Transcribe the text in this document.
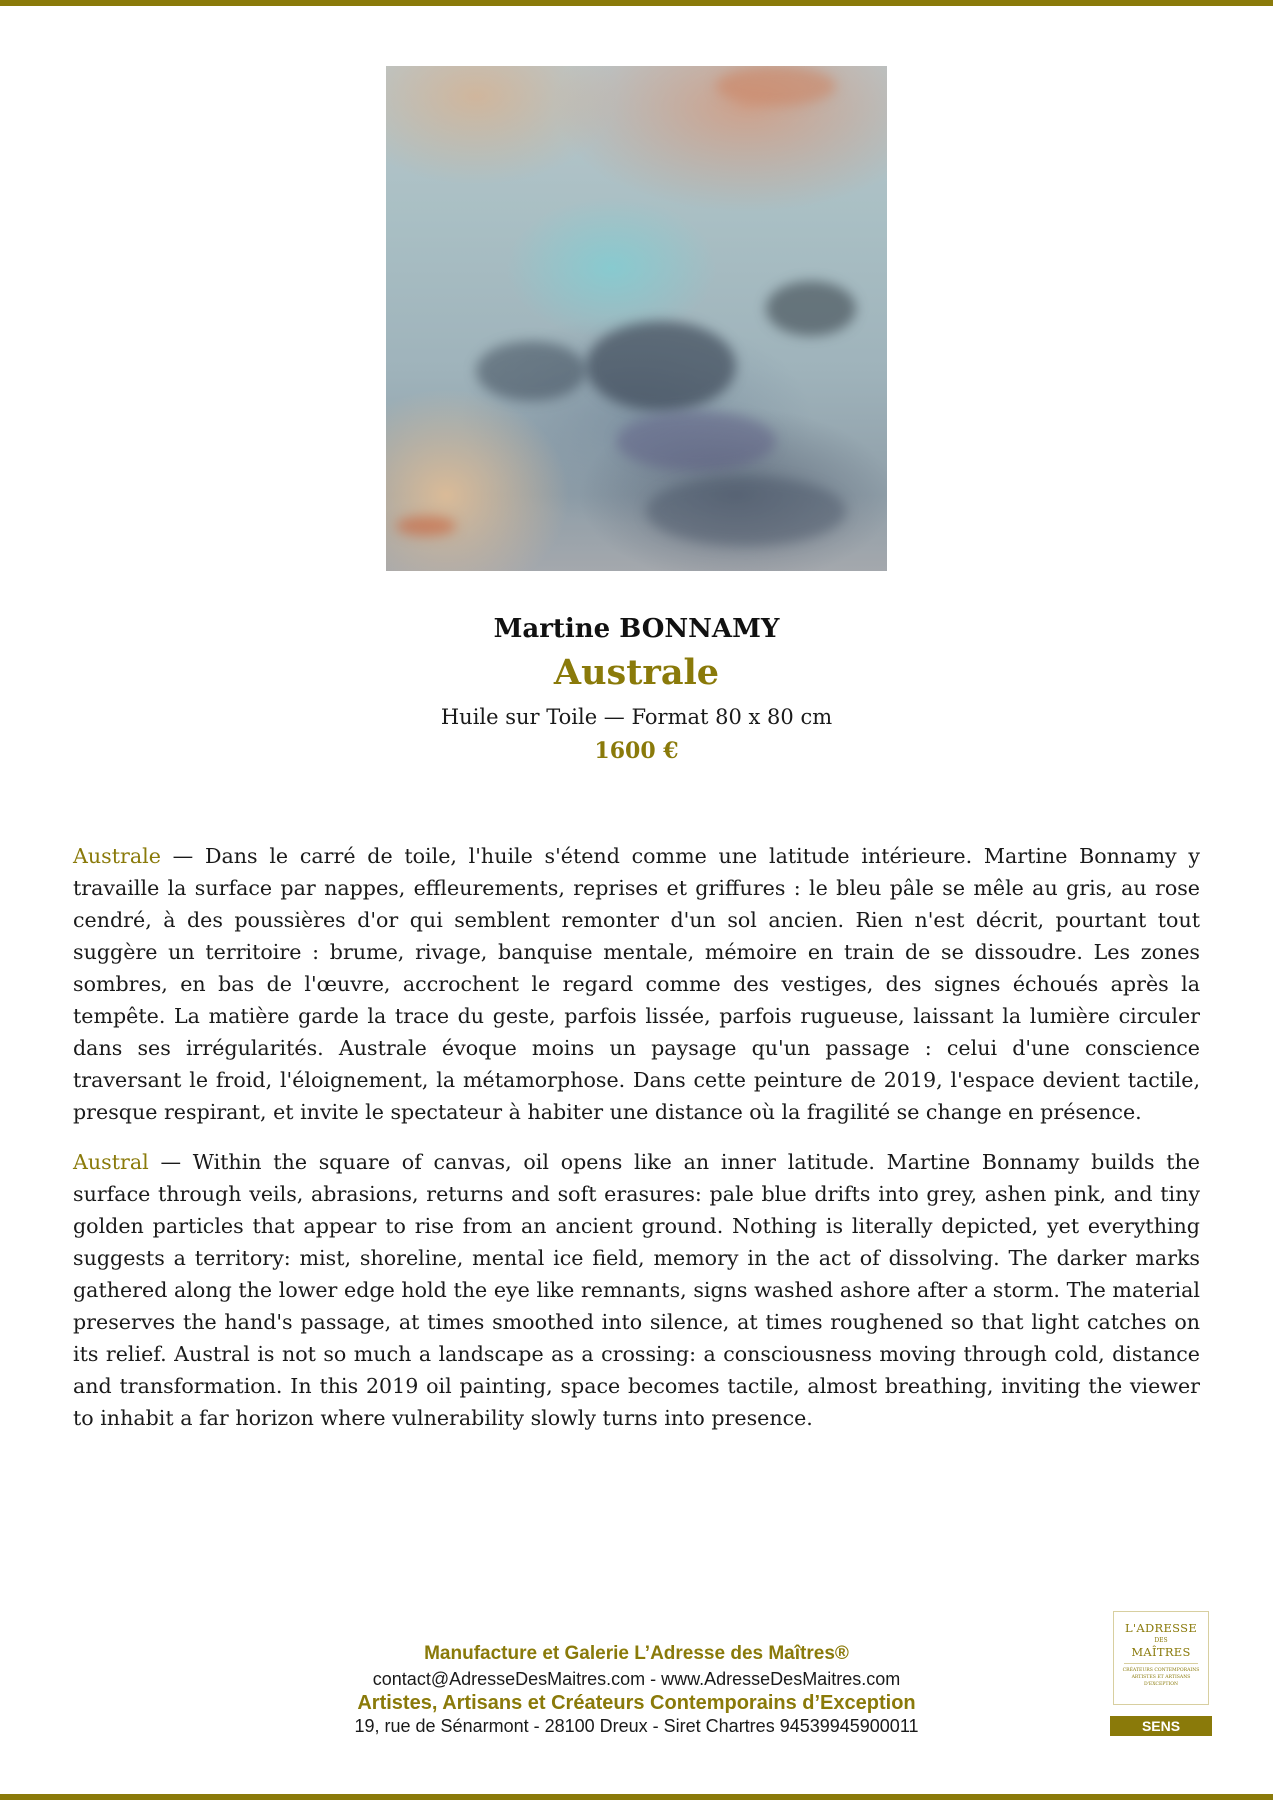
Martine BONNAMY
Australe
Huile sur Toile — Format 80 x 80 cm
1600 €

Australe — Dans le carré de toile, l'huile s'étend comme une latitude intérieure. Martine Bonnamy y travaille la surface par nappes, effleurements, reprises et griffures : le bleu pâle se mêle au gris, au rose cendré, à des poussières d'or qui semblent remonter d'un sol ancien. Rien n'est décrit, pourtant tout suggère un territoire : brume, rivage, banquise mentale, mémoire en train de se dissoudre. Les zones sombres, en bas de l'œuvre, accrochent le regard comme des vestiges, des signes échoués après la tempête. La matière garde la trace du geste, parfois lissée, parfois rugueuse, laissant la lumière circuler dans ses irrégularités. Australe évoque moins un paysage qu'un passage : celui d'une conscience traversant le froid, l'éloignement, la métamorphose. Dans cette peinture de 2019, l'espace devient tactile, presque respirant, et invite le spectateur à habiter une distance où la fragilité se change en présence.

Austral — Within the square of canvas, oil opens like an inner latitude. Martine Bonnamy builds the surface through veils, abrasions, returns and soft erasures: pale blue drifts into grey, ashen pink, and tiny golden particles that appear to rise from an ancient ground. Nothing is literally depicted, yet everything suggests a territory: mist, shoreline, mental ice field, memory in the act of dissolving. The darker marks gathered along the lower edge hold the eye like remnants, signs washed ashore after a storm. The material preserves the hand's passage, at times smoothed into silence, at times roughened so that light catches on its relief. Austral is not so much a landscape as a crossing: a consciousness moving through cold, distance and transformation. In this 2019 oil painting, space becomes tactile, almost breathing, inviting the viewer to inhabit a far horizon where vulnerability slowly turns into presence.

Manufacture et Galerie L’Adresse des Maîtres®
contact@AdresseDesMaitres.com - www.AdresseDesMaitres.com
Artistes, Artisans et Créateurs Contemporains d’Exception
19, rue de Sénarmont - 28100 Dreux - Siret Chartres 94539945900011
L'ADRESSE
DES
MAÎTRES
CRÉATEURS CONTEMPORAINS ARTISTES ET ARTISANS D'EXCEPTION
SENS
